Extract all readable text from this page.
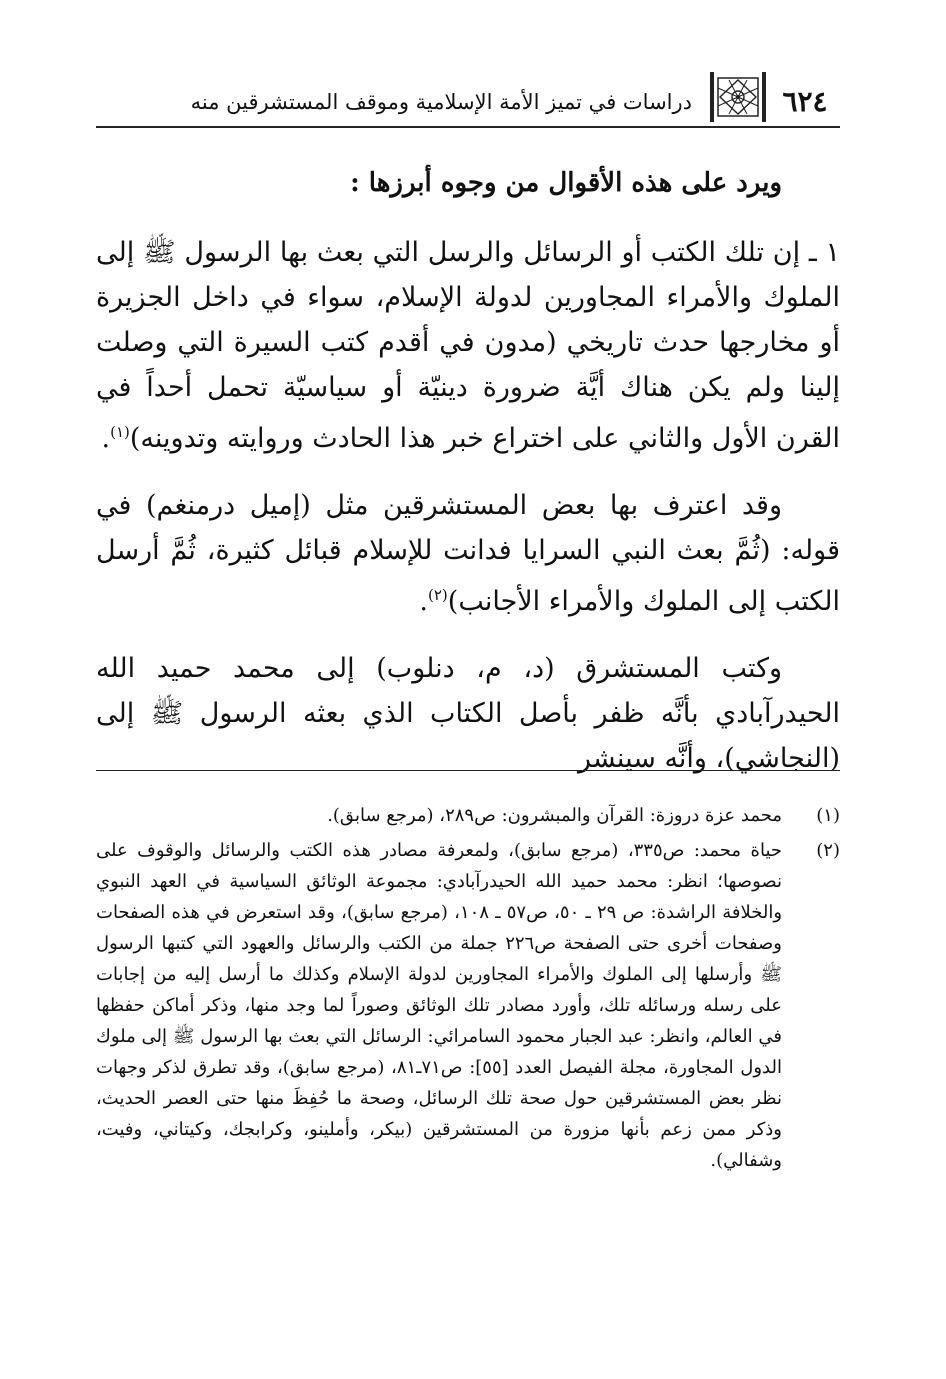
٦٢٤
دراسات في تميز الأمة الإسلامية وموقف المستشرقين منه
ويرد على هذه الأقوال من وجوه أبرزها :

١ ـ إن تلك الكتب أو الرسائل والرسل التي بعث بها الرسول ﷺ إلى الملوك والأمراء المجاورين لدولة الإسلام، سواء في داخل الجزيرة أو مخارجها حدث تاريخي (مدون في أقدم كتب السيرة التي وصلت إلينا ولم يكن هناك أيَّة ضرورة دينيّة أو سياسيّة تحمل أحداً في القرن الأول والثاني على اختراع خبر هذا الحادث وروايته وتدوينه)$^{(١)}$.

وقد اعترف بها بعض المستشرقين مثل (إميل درمنغم) في قوله: (ثُمَّ بعث النبي السرايا فدانت للإسلام قبائل كثيرة، ثُمَّ أرسل الكتب إلى الملوك والأمراء الأجانب)$^{(٢)}$.

وكتب المستشرق (د، م، دنلوب) إلى محمد حميد الله الحيدرآبادي بأنَّه ظفر بأصل الكتاب الذي بعثه الرسول ﷺ إلى (النجاشي)، وأنَّه سينشر

(١)
محمد عزة دروزة: القرآن والمبشرون: ص٢٨٩، (مرجع سابق).
(٢)
حياة محمد: ص٣٣٥، (مرجع سابق)، ولمعرفة مصادر هذه الكتب والرسائل والوقوف على نصوصها؛ انظر: محمد حميد الله الحيدرآبادي: مجموعة الوثائق السياسية في العهد النبوي والخلافة الراشدة: ص ٢٩ ـ ٥٠، ص٥٧ ـ ١٠٨، (مرجع سابق)، وقد استعرض في هذه الصفحات وصفحات أخرى حتى الصفحة ص٢٢٦ جملة من الكتب والرسائل والعهود التي كتبها الرسول ﷺ وأرسلها إلى الملوك والأمراء المجاورين لدولة الإسلام وكذلك ما أرسل إليه من إجابات على رسله ورسائله تلك، وأورد مصادر تلك الوثائق وصوراً لما وجد منها، وذكر أماكن حفظها في العالم، وانظر: عبد الجبار محمود السامرائي: الرسائل التي بعث بها الرسول ﷺ إلى ملوك الدول المجاورة، مجلة الفيصل العدد [٥٥]: ص٧١ـ٨١، (مرجع سابق)، وقد تطرق لذكر وجهات نظر بعض المستشرقين حول صحة تلك الرسائل، وصحة ما حُفِظَ منها حتى العصر الحديث، وذكر ممن زعم بأنها مزورة من المستشرقين (بيكر، وأملينو، وكرابجك، وكيتاني، وفيت، وشفالي).
